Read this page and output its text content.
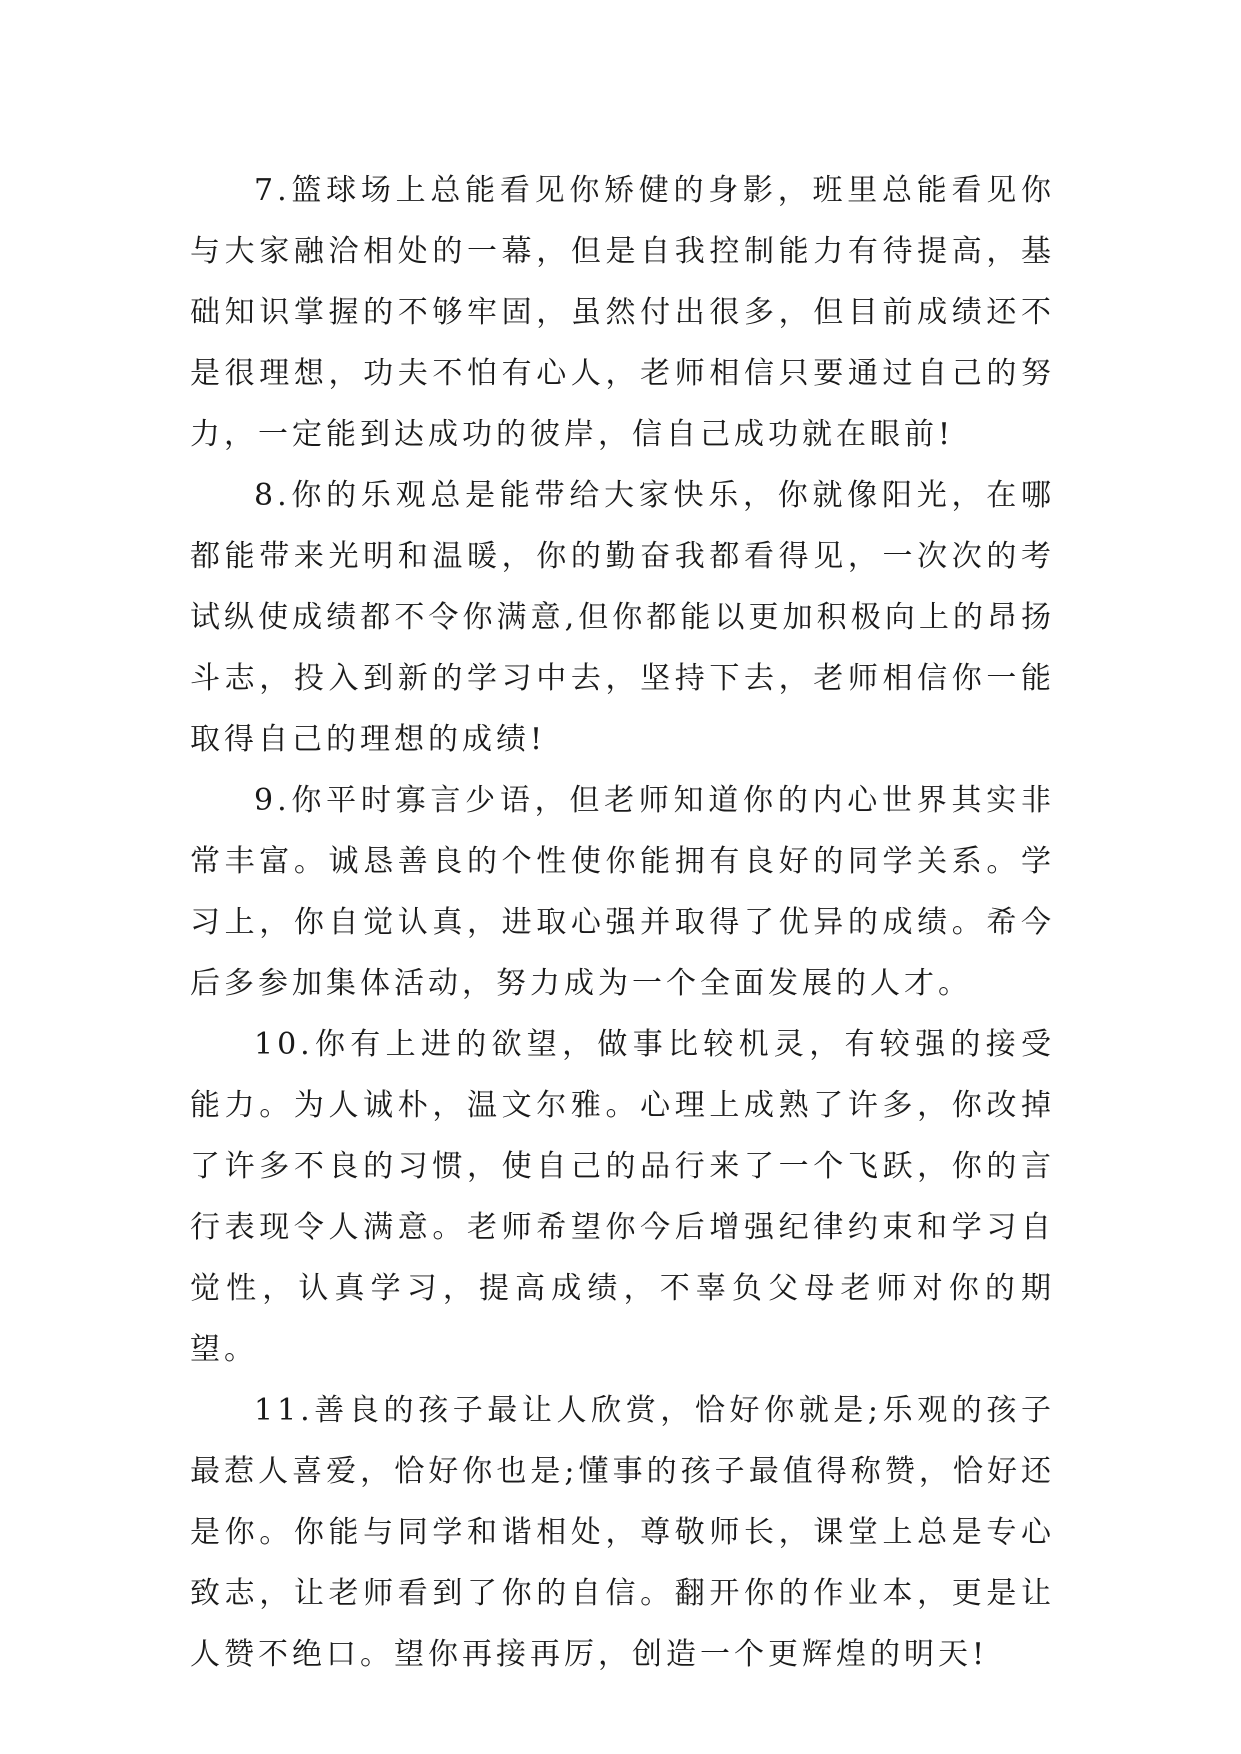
7.篮球场上总能看见你矫健的身影，班里总能看见你与大家融洽相处的一幕，但是自我控制能力有待提高，基础知识掌握的不够牢固，虽然付出很多，但目前成绩还不是很理想，功夫不怕有心人，老师相信只要通过自己的努力，一定能到达成功的彼岸，信自己成功就在眼前!

8.你的乐观总是能带给大家快乐，你就像阳光，在哪都能带来光明和温暖，你的勤奋我都看得见，一次次的考试纵使成绩都不令你满意,但你都能以更加积极向上的昂扬斗志，投入到新的学习中去，坚持下去，老师相信你一能取得自己的理想的成绩!

9.你平时寡言少语，但老师知道你的内心世界其实非常丰富。诚恳善良的个性使你能拥有良好的同学关系。学习上，你自觉认真，进取心强并取得了优异的成绩。希今后多参加集体活动，努力成为一个全面发展的人才。

10.你有上进的欲望，做事比较机灵，有较强的接受能力。为人诚朴，温文尔雅。心理上成熟了许多，你改掉了许多不良的习惯，使自己的品行来了一个飞跃，你的言行表现令人满意。老师希望你今后增强纪律约束和学习自觉性，认真学习，提高成绩，不辜负父母老师对你的期望。

11.善良的孩子最让人欣赏，恰好你就是;乐观的孩子最惹人喜爱，恰好你也是;懂事的孩子最值得称赞，恰好还是你。你能与同学和谐相处，尊敬师长，课堂上总是专心致志，让老师看到了你的自信。翻开你的作业本，更是让人赞不绝口。望你再接再厉，创造一个更辉煌的明天!
